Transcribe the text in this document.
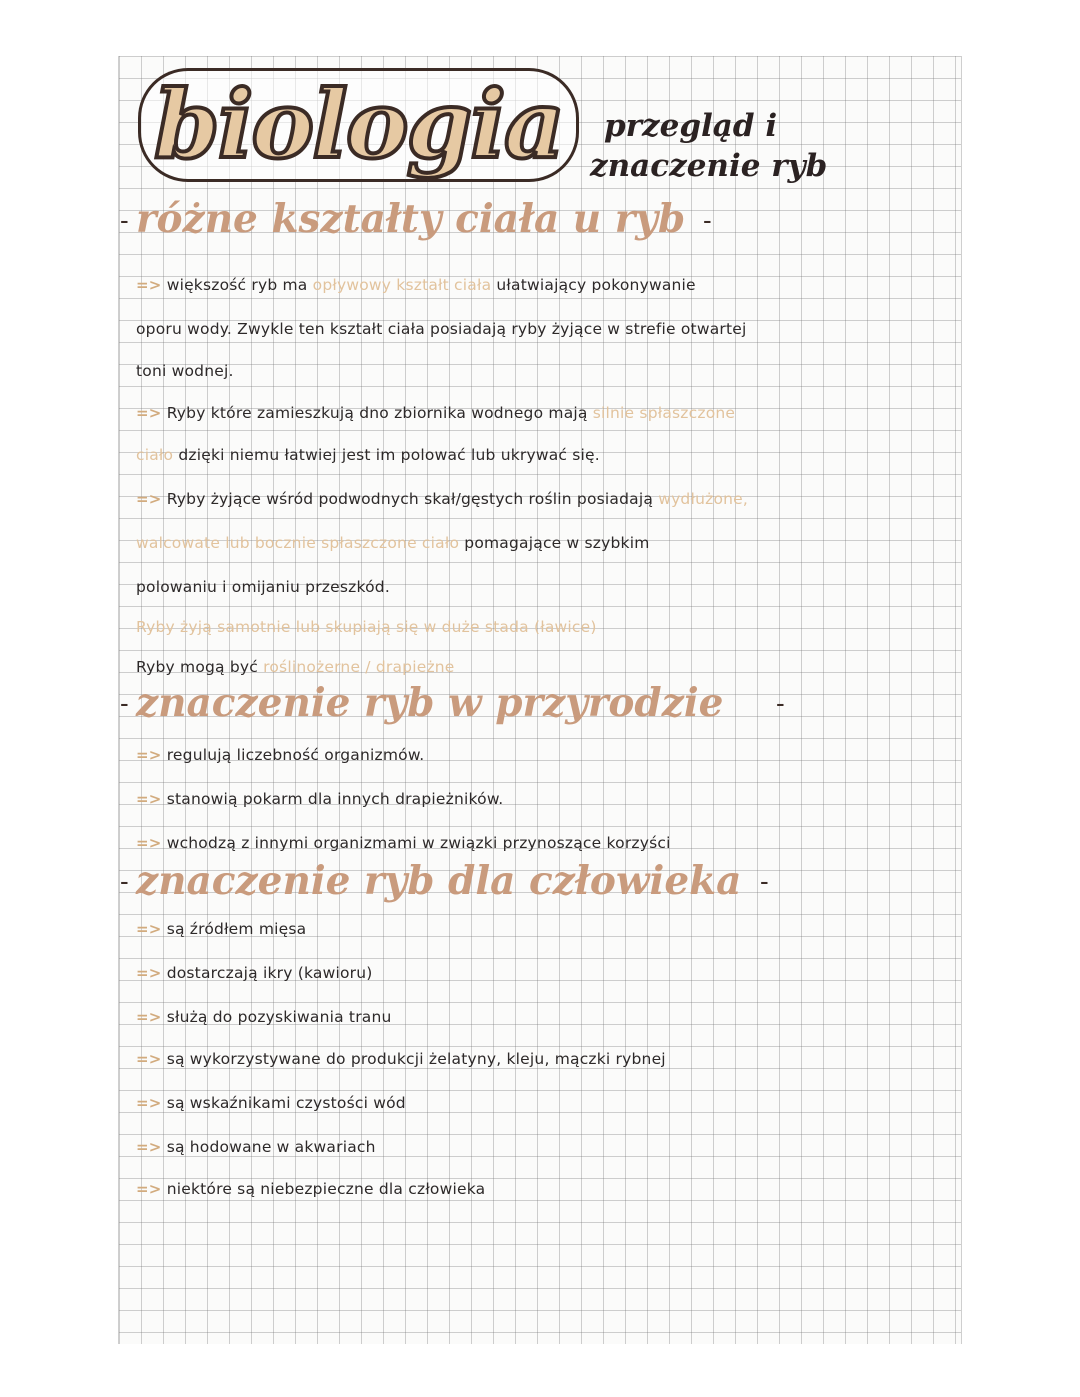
biologia	przegląd i
znaczenie ryb
- różne kształty ciała u ryb -
=> większość ryb ma opływowy kształt ciała ułatwiający pokonywanie
oporu wody. Zwykle ten kształt ciała posiadają ryby żyjące w strefie otwartej
toni wodnej.
=> Ryby które zamieszkują dno zbiornika wodnego mają silnie spłaszczone
ciało dzięki niemu łatwiej jest im polować lub ukrywać się.
=> Ryby żyjące wśród podwodnych skał/gęstych roślin posiadają wydłużone,
walcowate lub bocznie spłaszczone ciało pomagające w szybkim
polowaniu i omijaniu przeszkód.
Ryby żyją samotnie lub skupiają się w duże stada (ławice)
Ryby mogą być roślinożerne / drapieżne
- znaczenie ryb w przyrodzie -
=> regulują liczebność organizmów.
=> stanowią pokarm dla innych drapieżników.
=> wchodzą z innymi organizmami w związki przynoszące korzyści
- znaczenie ryb dla człowieka -
=> są źródłem mięsa
=> dostarczają ikry (kawioru)
=> służą do pozyskiwania tranu
=> są wykorzystywane do produkcji żelatyny, kleju, mączki rybnej
=> są wskaźnikami czystości wód
=> są hodowane w akwariach
=> niektóre są niebezpieczne dla człowieka
